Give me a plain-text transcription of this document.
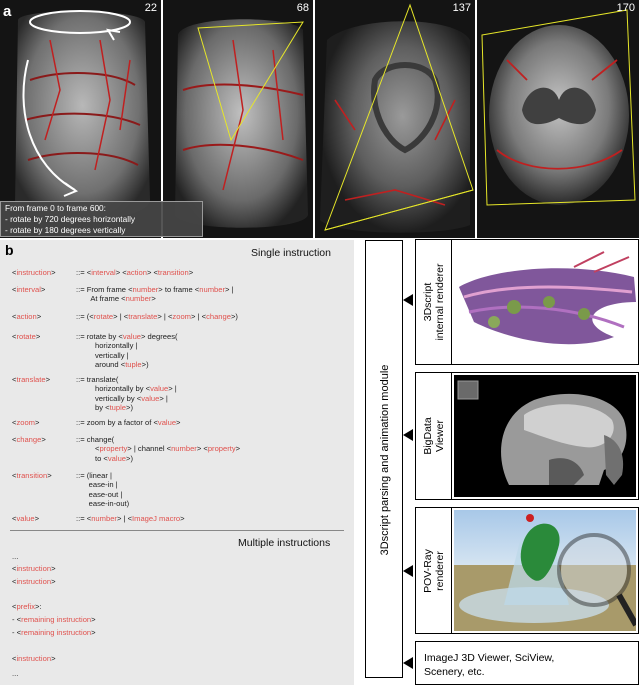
a	22	68	137	170
From frame 0 to frame 600:
- rotate by 720 degrees horizontally
- rotate by 180 degrees vertically
b	Single instruction
<instruction>	::= <interval> <action> <transition>
<interval>	::= From frame <number> to frame <number> |
At frame <number>
<action>	::= (<rotate> | <translate> | <zoom> | <change>)
<rotate>	::= rotate by <value> degrees(
horizontally |
vertically |
around <tuple>)
<translate>	::= translate(
horizontally by <value> |
vertically by <value> |
by <tuple>)
<zoom>	::= zoom by a factor of <value>
<change>	::= change(
<property> | channel <number> <property>
to <value>)
<transition>	::= (linear |
ease-in |
ease-out |
ease-in-out)
<value>	::= <number> | <ImageJ macro>
Multiple instructions
...
<instruction>
<instruction>
<prefix>:
- <remaining instruction>
- <remaining instruction>
<instruction>
...
3Dscript parsing and animation module
3Dscript internal renderer
BigData Viewer
POV-Ray renderer
ImageJ 3D Viewer, SciView,
Scenery, etc.
